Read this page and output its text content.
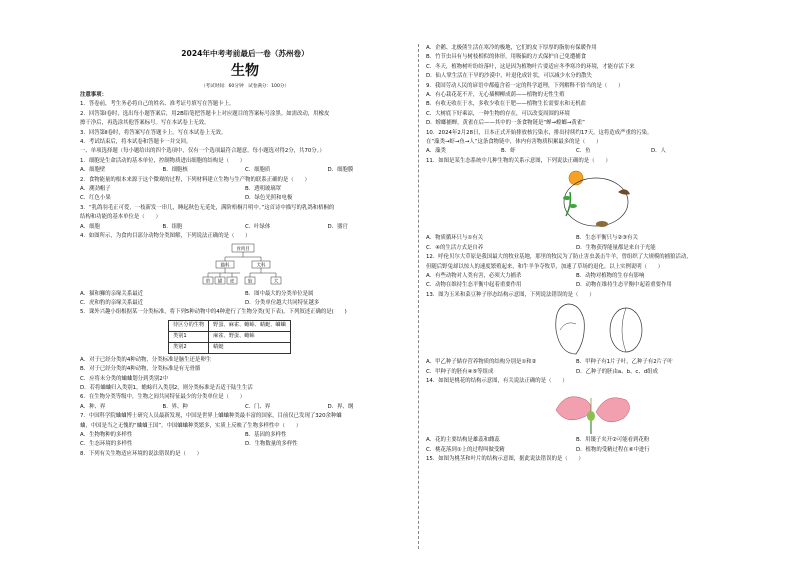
2024年中考考前最后一卷（苏州卷）
生物
（考试时间：60分钟　试卷满分：100分）
注意事项：
1．答卷前，考生务必将自己的姓名、准考证号填写在答题卡上。
2．回答第Ⅰ卷时，选出每小题答案后，用2B铅笔把答题卡上对应题目的答案标号涂黑。如需改动，用橡皮
擦干净后，再选涂其他答案标号。写在本试卷上无效。
3．回答第Ⅱ卷时，将答案写在答题卡上。写在本试卷上无效。
4．考试结束后，将本试卷和答题卡一并交回。
一、单项选择题（每小题给出的四个选项中，仅有一个选项最符合题意。每小题选对得2分，共70分。）
1．细胞是生命活动的基本单位，控制物质进出细胞的结构是（　　）
A．细胞壁	B．细胞核	C．细胞质	D．细胞膜
2．食物能量的根本来源于这个微观的过程，下列材料建立生物与生产物的联系正确的是（　　）
A．溯劲帽子	B．透明玻璃罩
C．红色小果	D．绿色光照和电极
3．“乳鸽羽毛正可爱，一枝新发一串儿，睡起秋色无觅处，满阶梧桐月明中。”这首诗中描写的乳鸽和梧桐的
结构和功能的基本单位是（　　）
A．细胞	B．组胞	C．叶绿体	D．器官
4．如图所示，为食肉目部分动物分类图解，下列说法正确的是（　　）
食肉目
猫科	犬科
豹 猫 虎	狼	犬
A．猫和狮的亲缘关系最近	B．图中最大的分类单位是属
C．虎和豹的亲缘关系最近	D．分类单位越大共同特征越多
5．课外兴趣小组根据某一分类标准，将下列5种动物中的4种进行了生物分类(见下表)，下列叙述正确的是(　　)
待区分的生物	野蛋、麻雀、蟾蜍、蜻蜓、蛐蛐
类别1	麻雀、野蛋、蟾蜍
类别2	蜻蜓
A．对于已经分类的4种动物，分类标准是脑生还是卵生
B．对于已经分类的4种动物，分类标准是有无骨骼
C．应将未分类的蛐蛐划分到类别2中
D．若将蛐蛐归入类别1，蟾蜍归入类别2，则分类标准是否适于陆生生活
6．在生物分类等级中，生物之间共同特征最少的分类单位是（　　）
A．种、界	B．界、种	C．门、界	D．界、纲
7．中国科学院蛐蛐博士研究人员最新发现，中国是世界上蛐蛐种类最丰富的国家，目前仅已发现了320余种蛐
蛐，中国是当之无愧的“蛐蛐王国”。中国蛐蛐种类繁多，实质上反映了生物多样性中（　　）
A．生物物种的多样性	B．基因的多样性
C．生态环境的多样性	D．生物数量的多样性
8．下列有关生物适应环境的说法错误的是（　　）
A．企鹅、北极熊生活在寒冷的极地，它们的皮下厚厚的脂肪有保暖作用
B．竹节虫具有与树枝相似的体形，用吸偏的方式保护自己免遭捕食
C．冬天，植物树叶纷纷落叶，这是因为植物叶片要适应冬季寒冷的环境，才能存活下来
D．仙人掌生活在干旱的沙漠中，叶退化成针状，可以减少水分的散失
9．我国劳动人民的谚语中都蕴含着一定的科学道理，下列解释不恰当的是（　　）
A．有心栽花花不开，无心插柳柳成荫——植物的无性生殖
B．有收无收在于水，多收少收在于肥——植物生长需要水和无机盐
C．大树底下好乘凉，一种生物的存在，可以改变周围的环境
D．螳螂捕蝉，黄雀在后——其中的一条食物链是“蝉→螳螂→黄雀”
10．2024年2月28日，日本正式开始排放核污染水，排出持续约17天，这将造成严重的污染。
在“藻类→虾→鱼→人”这条食物链中，体内有害物质积累最多的是（　　）
A．藻类	B．虾	C．鱼	D．人
11．如图是某生态系统中几种生物的关系示意图，下列说法正确的是（　　）
A．物质循环只与①有关	B．生态平衡只与②③有关
C．④的生活方式是自养	D．生物获得能量都是来自于光能
12．呼伦贝尔大草原是我国最大的牧业基地，那里的牧民为了防止害虫袭击牛羊，曾组织了大规模的捕狼活动，
但随后野兔却以惊人的速度繁殖起来，和牛羊争夺牧草，加速了草场的退化。以上实例说明（　　）
A．有些动物对人类有害，必须大力捕杀	B．动物对植物的生存有影响
C．动物在维持生态平衡中起着重要作用	D．动物在维持生态平衡中起着重要作用
13．图为玉米和菜豆种子形态结构示意图，下列说法错误的是（　　）
A．甲乙种子储存营养物质的结构分别是①和②	B．甲种子有1片子叶，乙种子有2片子叶
C．甲种子的胚有④⑤等组成	D．乙种子的胚由a、b、c、d组成
14．如图是桃花的结构示意图，有关说法正确的是（　　）
A．花的主要结构是雄蕊和雌蕊	B．用镊子夹开②可能看到花粉
C．桃花落到①上的过程叫做受精	D．植物的受精过程在⑥中进行
15．如图为桃茎和叶片的结构示意图，据此说法错误的是（　　）
